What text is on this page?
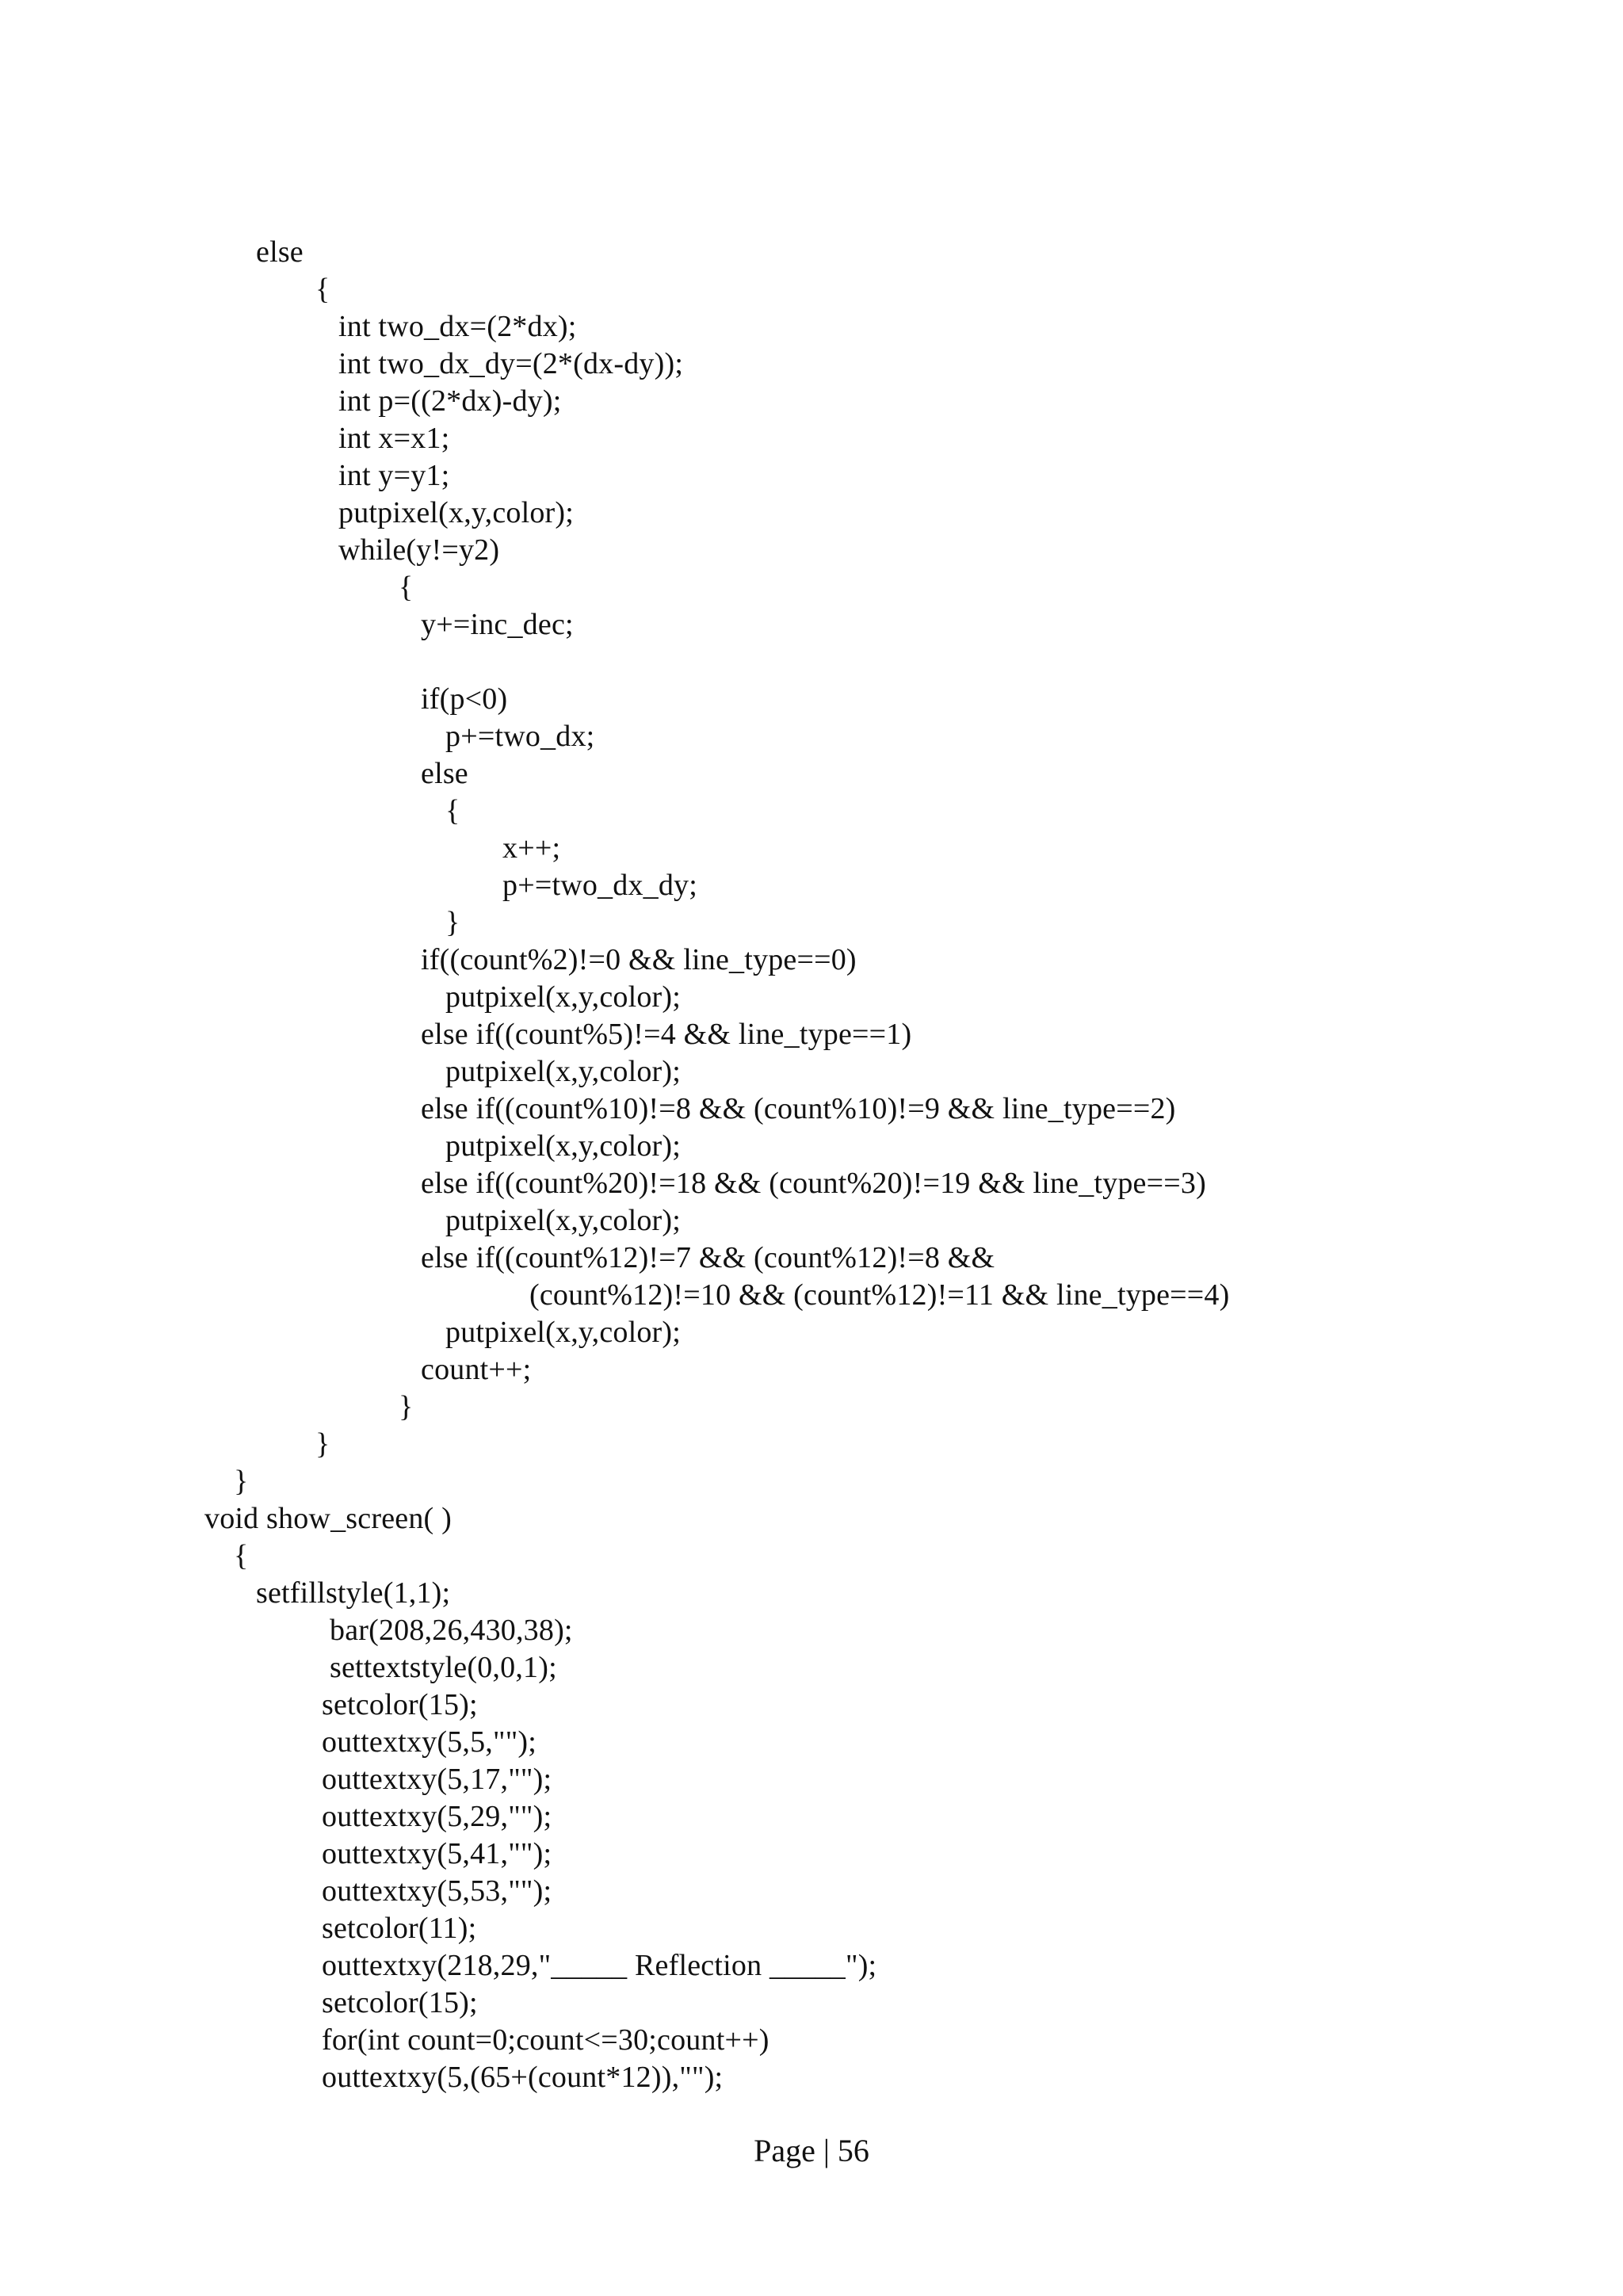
else
{
int two_dx=(2*dx);
int two_dx_dy=(2*(dx-dy));
int p=((2*dx)-dy);
int x=x1;
int y=y1;
putpixel(x,y,color);
while(y!=y2)
{
y+=inc_dec;
if(p<0)
p+=two_dx;
else
{
x++;
p+=two_dx_dy;
}
if((count%2)!=0 && line_type==0)
putpixel(x,y,color);
else if((count%5)!=4 && line_type==1)
putpixel(x,y,color);
else if((count%10)!=8 && (count%10)!=9 && line_type==2)
putpixel(x,y,color);
else if((count%20)!=18 && (count%20)!=19 && line_type==3)
putpixel(x,y,color);
else if((count%12)!=7 && (count%12)!=8 &&
(count%12)!=10 && (count%12)!=11 && line_type==4)
putpixel(x,y,color);
count++;
}
}
}
void show_screen( )
{
setfillstyle(1,1);
bar(208,26,430,38);
settextstyle(0,0,1);
setcolor(15);
outtextxy(5,5,"");
outtextxy(5,17,"");
outtextxy(5,29,"");
outtextxy(5,41,"");
outtextxy(5,53,"");
setcolor(11);
outtextxy(218,29,"_____ Reflection _____");
setcolor(15);
for(int count=0;count<=30;count++)
outtextxy(5,(65+(count*12)),"");
Page | 56
